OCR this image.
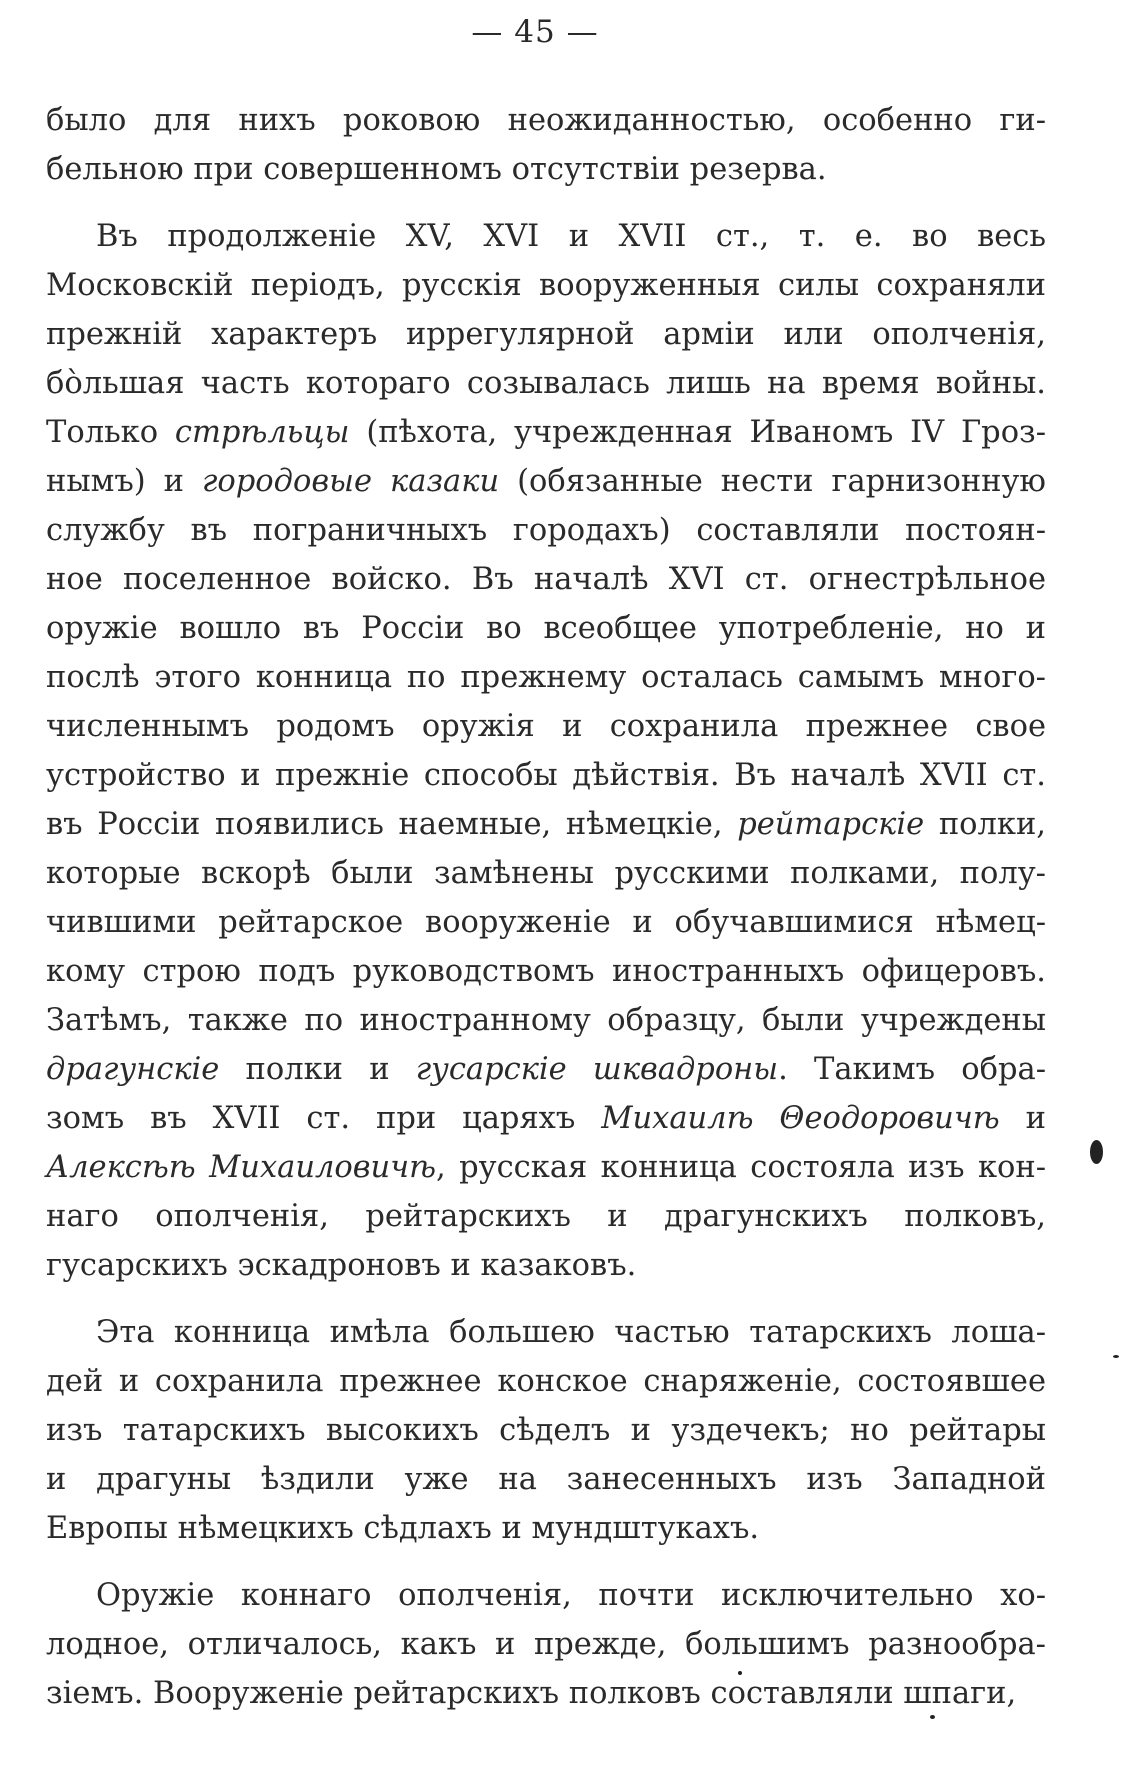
— 45 —

было для нихъ роковою неожиданностью, особенно ги-
бельною при совершенномъ отсутствіи резерва.
Въ продолженіе XV, XVI и XVII ст., т. е. во весь
Московскій періодъ, русскія вооруженныя силы сохраняли
прежній характеръ иррегулярной арміи или ополченія,
бо̀льшая часть котораго созывалась лишь на время войны.
Только стрѣльцы (пѣхота, учрежденная Иваномъ IV Гроз-
нымъ) и городовые казаки (обязанные нести гарнизонную
службу въ пограничныхъ городахъ) составляли постоян-
ное поселенное войско. Въ началѣ XVI ст. огнестрѣльное
оружіе вошло въ Россіи во всеобщее употребленіе, но и
послѣ этого конница по прежнему осталась самымъ много-
численнымъ родомъ оружія и сохранила прежнее свое
устройство и прежніе способы дѣйствія. Въ началѣ XVII ст.
въ Россіи появились наемные, нѣмецкіе, рейтарскіе полки,
которые вскорѣ были замѣнены русскими полками, полу-
чившими рейтарское вооруженіе и обучавшимися нѣмец-
кому строю подъ руководствомъ иностранныхъ офицеровъ.
Затѣмъ, также по иностранному образцу, были учреждены
драгунскіе полки и гусарскіе шквадроны. Такимъ обра-
зомъ въ XVII ст. при царяхъ Михаилѣ Θеодоровичѣ и
Алексѣѣ Михаиловичѣ, русская конница состояла изъ кон-
наго ополченія, рейтарскихъ и драгунскихъ полковъ,
гусарскихъ эскадроновъ и казаковъ.
Эта конница имѣла большею частью татарскихъ лоша-
дей и сохранила прежнее конское снаряженіе, состоявшее
изъ татарскихъ высокихъ сѣделъ и уздечекъ; но рейтары
и драгуны ѣздили уже на занесенныхъ изъ Западной
Европы нѣмецкихъ сѣдлахъ и мундштукахъ.
Оружіе коннаго ополченія, почти исключительно хо-
лодное, отличалось, какъ и прежде, большимъ разнообра-
зіемъ. Вооруженіе рейтарскихъ полковъ составляли шпаги,
